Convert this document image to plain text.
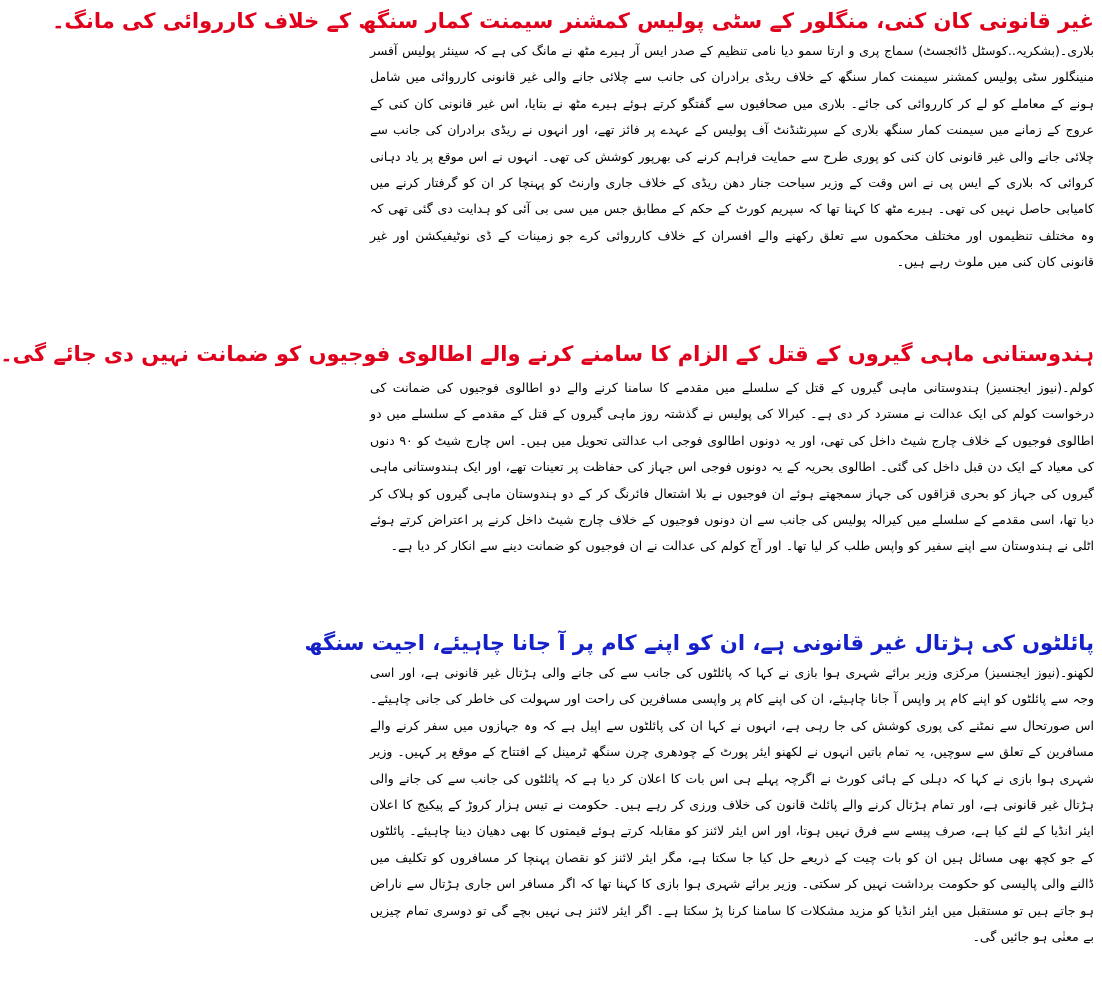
غیر قانونی کان کنی، منگلور کے سٹی پولیس کمشنر سیمنت کمار سنگھ کے خلاف کارروائی کی مانگ۔

بلاری۔(بشکریہ..کوسٹل ڈائجسٹ) سماج پری و ارتا سمو دیا نامی تنظیم کے صدر ایس آر ہیرے مٹھ نے مانگ کی ہے کہ سینئر پولیس آفسر منینگلور سٹی پولیس کمشنر سیمنت کمار سنگھ کے خلاف ریڈی برادران کی جانب سے چلائی جانے والی غیر قانونی کارروائی میں شامل ہونے کے معاملے کو لے کر کارروائی کی جائے۔ بلاری میں صحافیوں سے گفتگو کرتے ہوئے ہیرے مٹھ نے بتایا، اس غیر قانونی کان کنی کے عروج کے زمانے میں سیمنت کمار سنگھ بلاری کے سپرنٹنڈنٹ آف پولیس کے عہدے پر فائز تھے، اور انہوں نے ریڈی برادران کی جانب سے چلائی جانے والی غیر قانونی کان کنی کو پوری طرح سے حمایت فراہم کرنے کی بھرپور کوشش کی تھی۔ انہوں نے اس موقع پر یاد دہانی کروائی کہ بلاری کے ایس پی نے اس وقت کے وزیر سیاحت جنار دھن ریڈی کے خلاف جاری وارنٹ کو پہنچا کر ان کو گرفتار کرنے میں کامیابی حاصل نہیں کی تھی۔ ہیرے مٹھ کا کہنا تھا کہ سپریم کورٹ کے حکم کے مطابق جس میں سی بی آئی کو ہدایت دی گئی تھی کہ وہ مختلف تنظیموں اور مختلف محکموں سے تعلق رکھنے والے افسران کے خلاف کارروائی کرے جو زمینات کے ڈی نوٹیفیکشن اور غیر قانونی کان کنی میں ملوث رہے ہیں۔

ہندوستانی ماہی گیروں کے قتل کے الزام کا سامنے کرنے والے اطالوی فوجیوں کو ضمانت نہیں دی جائے گی۔

کولم۔(نیوز ایجنسیز) ہندوستانی ماہی گیروں کے قتل کے سلسلے میں مقدمے کا سامنا کرنے والے دو اطالوی فوجیوں کی ضمانت کی درخواست کولم کی ایک عدالت نے مسترد کر دی ہے۔ کیرالا کی پولیس نے گذشتہ روز ماہی گیروں کے قتل کے مقدمے کے سلسلے میں دو اطالوی فوجیوں کے خلاف چارج شیٹ داخل کی تھی، اور یہ دونوں اطالوی فوجی اب عدالتی تحویل میں ہیں۔ اس چارج شیٹ کو ۹۰ دنوں کی معیاد کے ایک دن قبل داخل کی گئی۔ اطالوی بحریہ کے یہ دونوں فوجی اس جہاز کی حفاظت پر تعینات تھے، اور ایک ہندوستانی ماہی گیروں کی جہاز کو بحری قزاقوں کی جہاز سمجھتے ہوئے ان فوجیوں نے بلا اشتعال فائرنگ کر کے دو ہندوستان ماہی گیروں کو ہلاک کر دیا تھا، اسی مقدمے کے سلسلے میں کیرالہ پولیس کی جانب سے ان دونوں فوجیوں کے خلاف چارج شیٹ داخل کرنے پر اعتراض کرتے ہوئے اٹلی نے ہندوستان سے اپنے سفیر کو واپس طلب کر لیا تھا۔ اور آج کولم کی عدالت نے ان فوجیوں کو ضمانت دینے سے انکار کر دیا ہے۔

پائلٹوں کی ہڑتال غیر قانونی ہے، ان کو اپنے کام پر آ جانا چاہیئے، اجیت سنگھ

لکھنو۔(نیوز ایجنسیز) مرکزی وزیر برائے شہری ہوا بازی نے کہا کہ پائلٹوں کی جانب سے کی جانے والی ہڑتال غیر قانونی ہے، اور اسی وجہ سے پائلٹوں کو اپنے کام پر واپس آ جانا چاہیئے، ان کی اپنے کام پر واپسی مسافرین کی راحت اور سہولت کی خاطر کی جانی چاہیئے۔ اس صورتحال سے نمٹنے کی پوری کوشش کی جا رہی ہے، انہوں نے کہا ان کی پائلٹوں سے اپیل ہے کہ وہ جہازوں میں سفر کرنے والے مسافرین کے تعلق سے سوچیں، یہ تمام باتیں انہوں نے لکھنو ایئر پورٹ کے چودھری چرن سنگھ ٹرمینل کے افتتاح کے موقع پر کہیں۔ وزیر شہری ہوا بازی نے کہا کہ دہلی کے ہائی کورٹ نے اگرچہ پہلے ہی اس بات کا اعلان کر دیا ہے کہ پائلٹوں کی جانب سے کی جانے والی ہڑتال غیر قانونی ہے، اور تمام ہڑتال کرنے والے پائلٹ قانون کی خلاف ورزی کر رہے ہیں۔ حکومت نے تیس ہزار کروڑ کے پیکیج کا اعلان ایئر انڈیا کے لئے کیا ہے، صرف پیسے سے فرق نہیں ہوتا، اور اس ایئر لائنز کو مقابلہ کرتے ہوئے قیمتوں کا بھی دھیان دینا چاہیئے۔ پائلٹوں کے جو کچھ بھی مسائل ہیں ان کو بات چیت کے ذریعے حل کیا جا سکتا ہے، مگر ایئر لائنز کو نقصان پہنچا کر مسافروں کو تکلیف میں ڈالنے والی پالیسی کو حکومت برداشت نہیں کر سکتی۔ وزیر برائے شہری ہوا بازی کا کہنا تھا کہ اگر مسافر اس جاری ہڑتال سے ناراض ہو جاتے ہیں تو مستقبل میں ایئر انڈیا کو مزید مشکلات کا سامنا کرنا پڑ سکتا ہے۔ اگر ایئر لائنز ہی نہیں بچے گی تو دوسری تمام چیزیں بے معنٰی ہو جائیں گی۔
